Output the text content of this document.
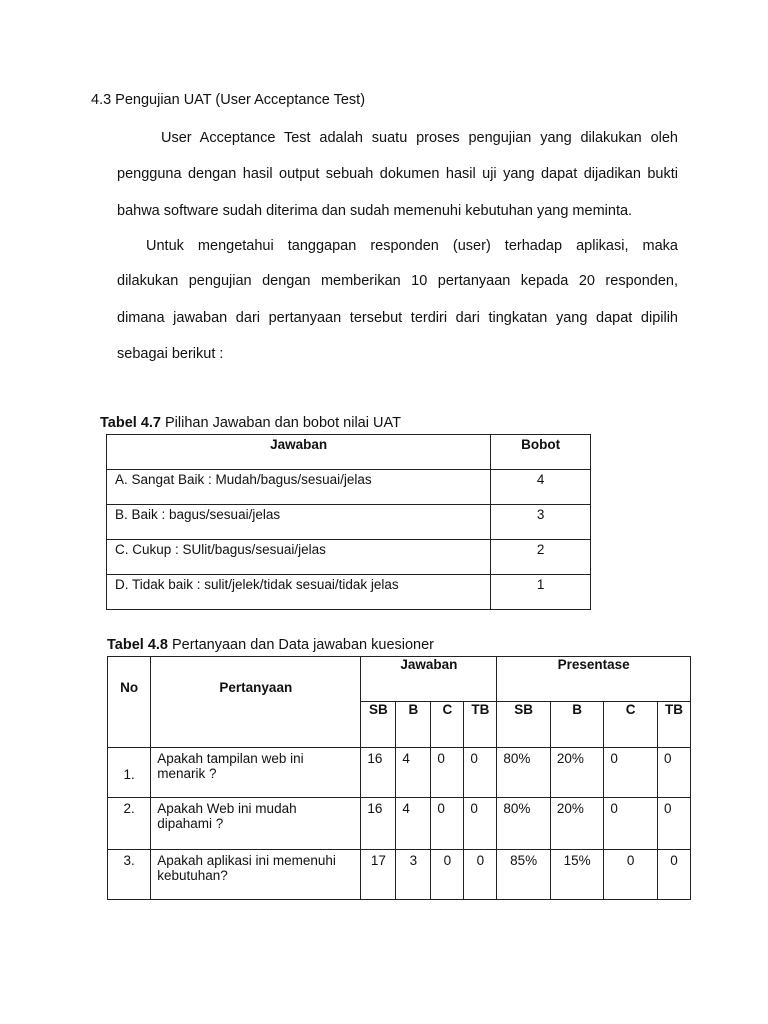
4.3 Pengujian UAT (User Acceptance Test)
User Acceptance Test adalah suatu proses pengujian yang dilakukan oleh
pengguna dengan hasil output sebuah dokumen hasil uji yang dapat dijadikan bukti
bahwa software sudah diterima dan sudah memenuhi kebutuhan yang meminta.
Untuk mengetahui tanggapan responden (user) terhadap aplikasi, maka
dilakukan pengujian dengan memberikan 10 pertanyaan kepada 20 responden,
dimana jawaban dari pertanyaan tersebut terdiri dari tingkatan yang dapat dipilih
sebagai berikut :
Tabel 4.7 Pilihan Jawaban dan bobot nilai UAT
Jawaban	Bobot
A. Sangat Baik : Mudah/bagus/sesuai/jelas	4
B. Baik : bagus/sesuai/jelas	3
C. Cukup : SUlit/bagus/sesuai/jelas	2
D. Tidak baik : sulit/jelek/tidak sesuai/tidak jelas	1
Tabel 4.8 Pertanyaan dan Data jawaban kuesioner
No	Pertanyaan	Jawaban				Presentase			
		SB	B	C	TB	SB	B	C	TB
1.	Apakah tampilan web ini
menarik ?	16	4	0	0	80%	20%	0	0
2.	Apakah Web ini mudah
dipahami ?	16	4	0	0	80%	20%	0	0
3.	Apakah aplikasi ini memenuhi
kebutuhan?	17	3	0	0	85%	15%	0	0
